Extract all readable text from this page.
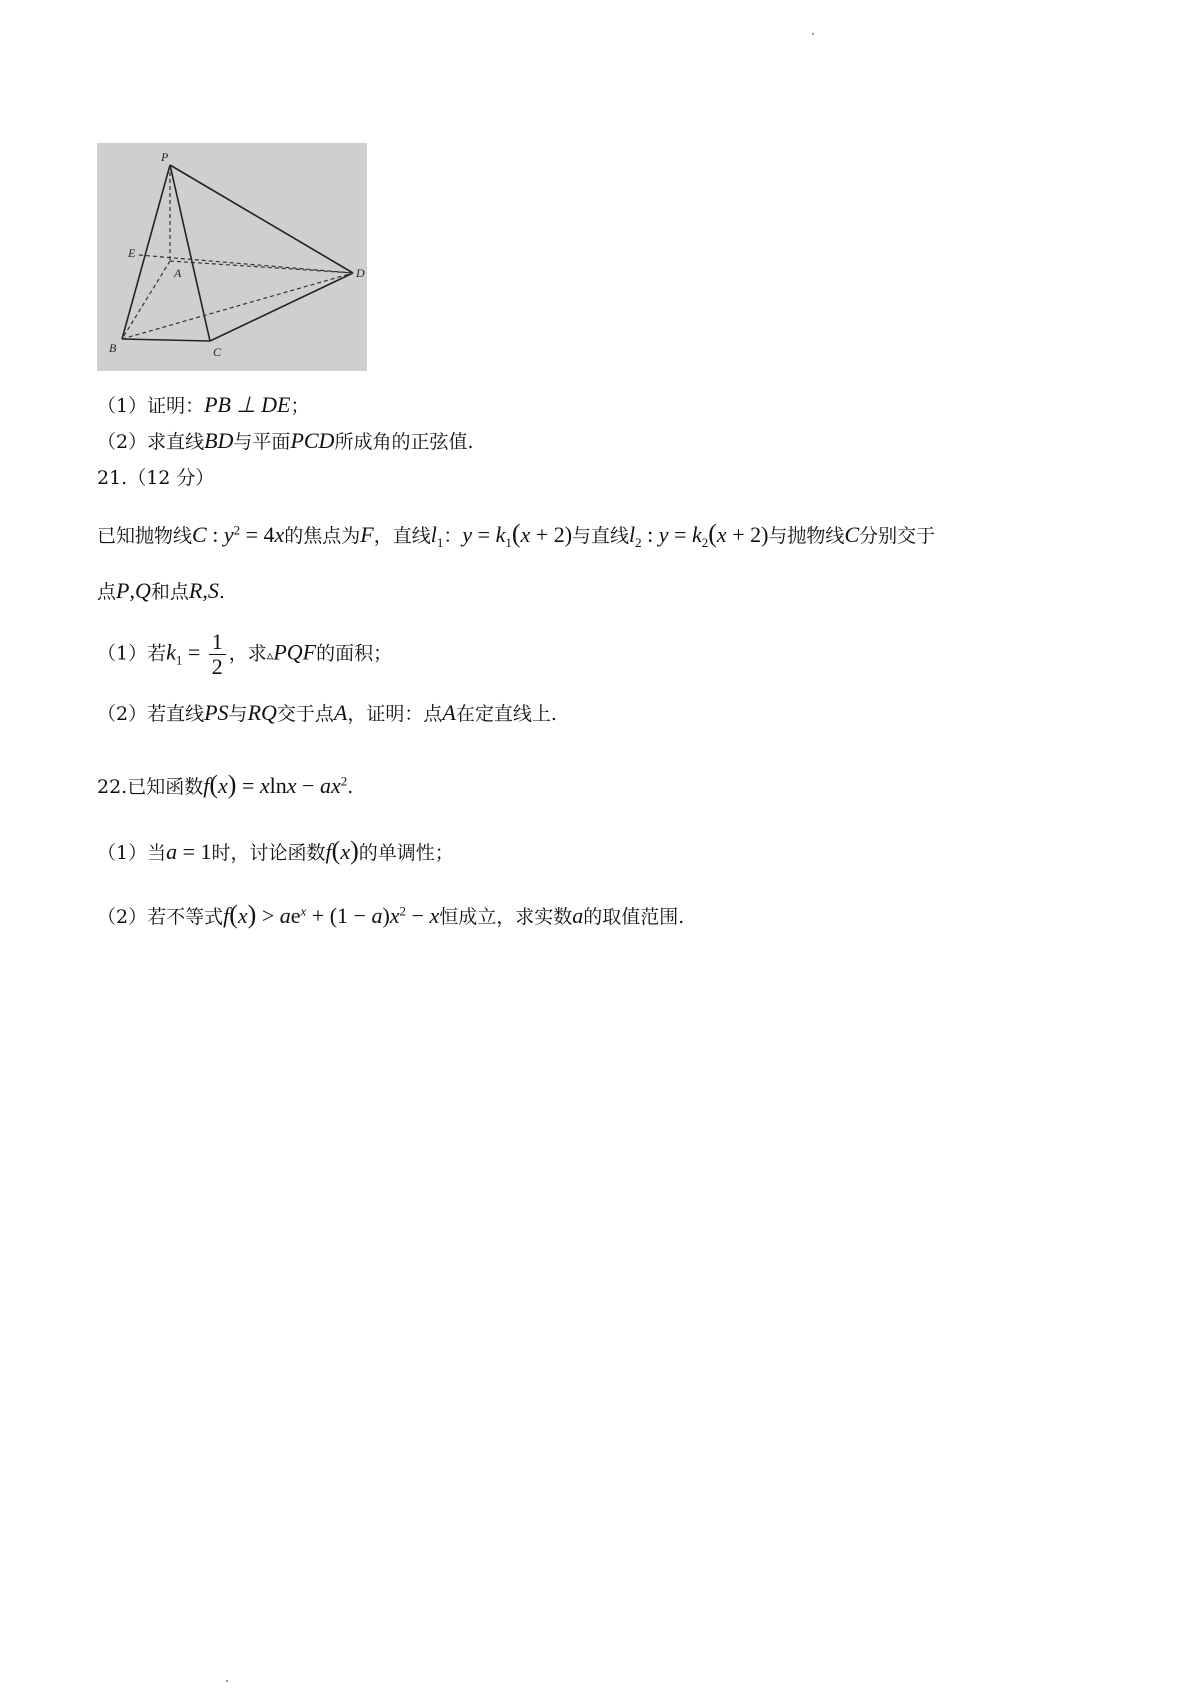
P
E
A	D
B	C
（1）证明：PB ⊥ DE；
（2）求直线BD与平面PCD所成角的正弦值.
21.（12 分）
已知抛物线C : $y^2 = 4x$的焦点为F，直线$l_1$：$y = k_1(x + 2)$与直线$l_2$ : $y = k_2(x + 2)$与抛物线C分别交于
点P,Q和点R,S.
（1）若$k_1 = \frac{1}{2}$ ，求▵PQF的面积；
（2）若直线PS与RQ交于点A，证明：点A在定直线上.
22.已知函数$f(x) = xlnx - ax^2$.
（1）当a = 1时，讨论函数f(x)的单调性；
（2）若不等式$f(x) > ae^x + (1 - a)x^2 - x$恒成立，求实数a的取值范围.
